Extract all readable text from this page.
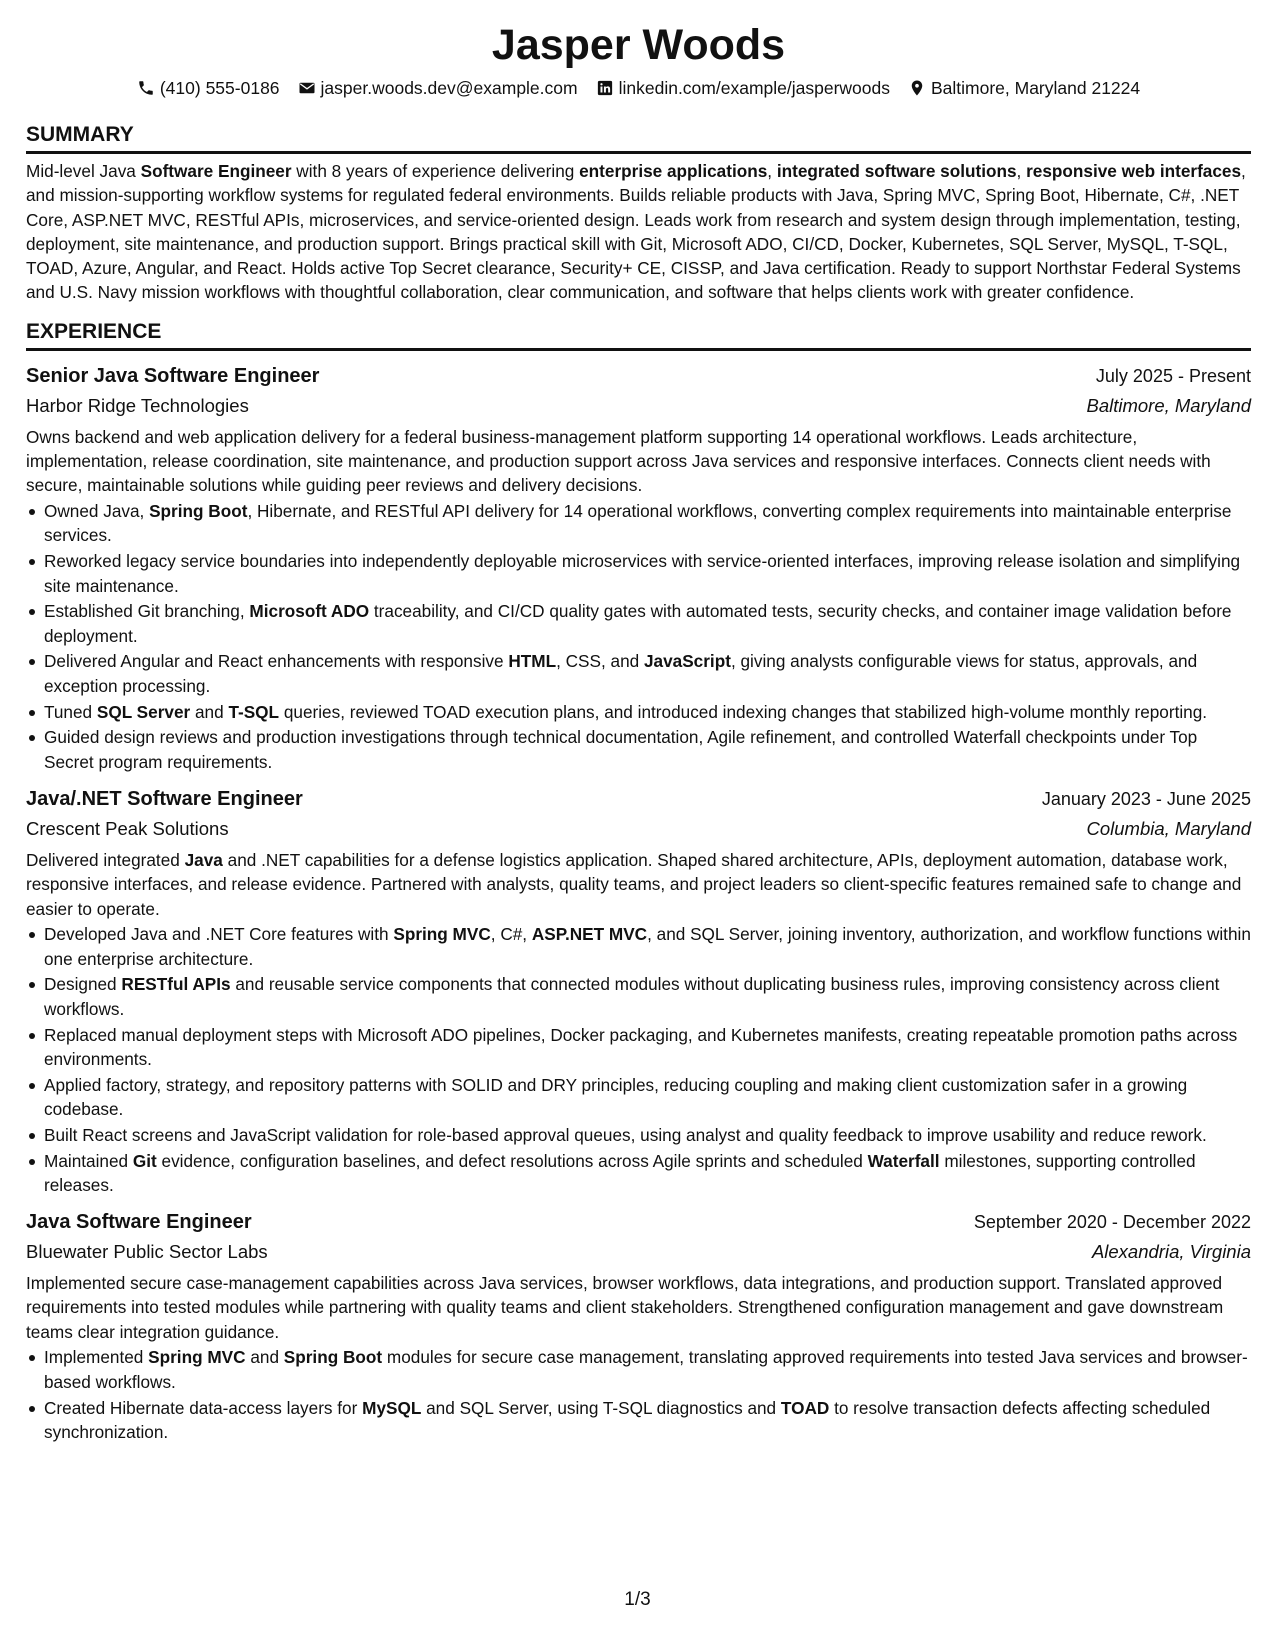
Jasper Woods
(410) 555-0186 jasper.woods.dev@example.com linkedin.com/example/jasperwoods Baltimore, Maryland 21224
SUMMARY

Mid-level Java Software Engineer with 8 years of experience delivering enterprise applications, integrated software solutions, responsive web interfaces, and mission-supporting workflow systems for regulated federal environments. Builds reliable products with Java, Spring MVC, Spring Boot, Hibernate, C#, .NET Core, ASP.NET MVC, RESTful APIs, microservices, and service-oriented design. Leads work from research and system design through implementation, testing, deployment, site maintenance, and production support. Brings practical skill with Git, Microsoft ADO, CI/CD, Docker, Kubernetes, SQL Server, MySQL, T-SQL, TOAD, Azure, Angular, and React. Holds active Top Secret clearance, Security+ CE, CISSP, and Java certification. Ready to support Northstar Federal Systems and U.S. Navy mission workflows with thoughtful collaboration, clear communication, and software that helps clients work with greater confidence.

EXPERIENCE
Senior Java Software Engineer	July 2025 - Present
Harbor Ridge Technologies	Baltimore, Maryland

Owns backend and web application delivery for a federal business-management platform supporting 14 operational workflows. Leads architecture, implementation, release coordination, site maintenance, and production support across Java services and responsive interfaces. Connects client needs with secure, maintainable solutions while guiding peer reviews and delivery decisions.

Owned Java, Spring Boot, Hibernate, and RESTful API delivery for 14 operational workflows, converting complex requirements into maintainable enterprise services.
Reworked legacy service boundaries into independently deployable microservices with service-oriented interfaces, improving release isolation and simplifying site maintenance.
Established Git branching, Microsoft ADO traceability, and CI/CD quality gates with automated tests, security checks, and container image validation before deployment.
Delivered Angular and React enhancements with responsive HTML, CSS, and JavaScript, giving analysts configurable views for status, approvals, and exception processing.
Tuned SQL Server and T-SQL queries, reviewed TOAD execution plans, and introduced indexing changes that stabilized high-volume monthly reporting.
Guided design reviews and production investigations through technical documentation, Agile refinement, and controlled Waterfall checkpoints under Top Secret program requirements.
Java/.NET Software Engineer	January 2023 - June 2025
Crescent Peak Solutions	Columbia, Maryland

Delivered integrated Java and .NET capabilities for a defense logistics application. Shaped shared architecture, APIs, deployment automation, database work, responsive interfaces, and release evidence. Partnered with analysts, quality teams, and project leaders so client-specific features remained safe to change and easier to operate.

Developed Java and .NET Core features with Spring MVC, C#, ASP.NET MVC, and SQL Server, joining inventory, authorization, and workflow functions within one enterprise architecture.
Designed RESTful APIs and reusable service components that connected modules without duplicating business rules, improving consistency across client workflows.
Replaced manual deployment steps with Microsoft ADO pipelines, Docker packaging, and Kubernetes manifests, creating repeatable promotion paths across environments.
Applied factory, strategy, and repository patterns with SOLID and DRY principles, reducing coupling and making client customization safer in a growing codebase.
Built React screens and JavaScript validation for role-based approval queues, using analyst and quality feedback to improve usability and reduce rework.
Maintained Git evidence, configuration baselines, and defect resolutions across Agile sprints and scheduled Waterfall milestones, supporting controlled releases.
Java Software Engineer	September 2020 - December 2022
Bluewater Public Sector Labs	Alexandria, Virginia

Implemented secure case-management capabilities across Java services, browser workflows, data integrations, and production support. Translated approved requirements into tested modules while partnering with quality teams and client stakeholders. Strengthened configuration management and gave downstream teams clear integration guidance.

Implemented Spring MVC and Spring Boot modules for secure case management, translating approved requirements into tested Java services and browser-based workflows.
Created Hibernate data-access layers for MySQL and SQL Server, using T-SQL diagnostics and TOAD to resolve transaction defects affecting scheduled synchronization.
1/3
